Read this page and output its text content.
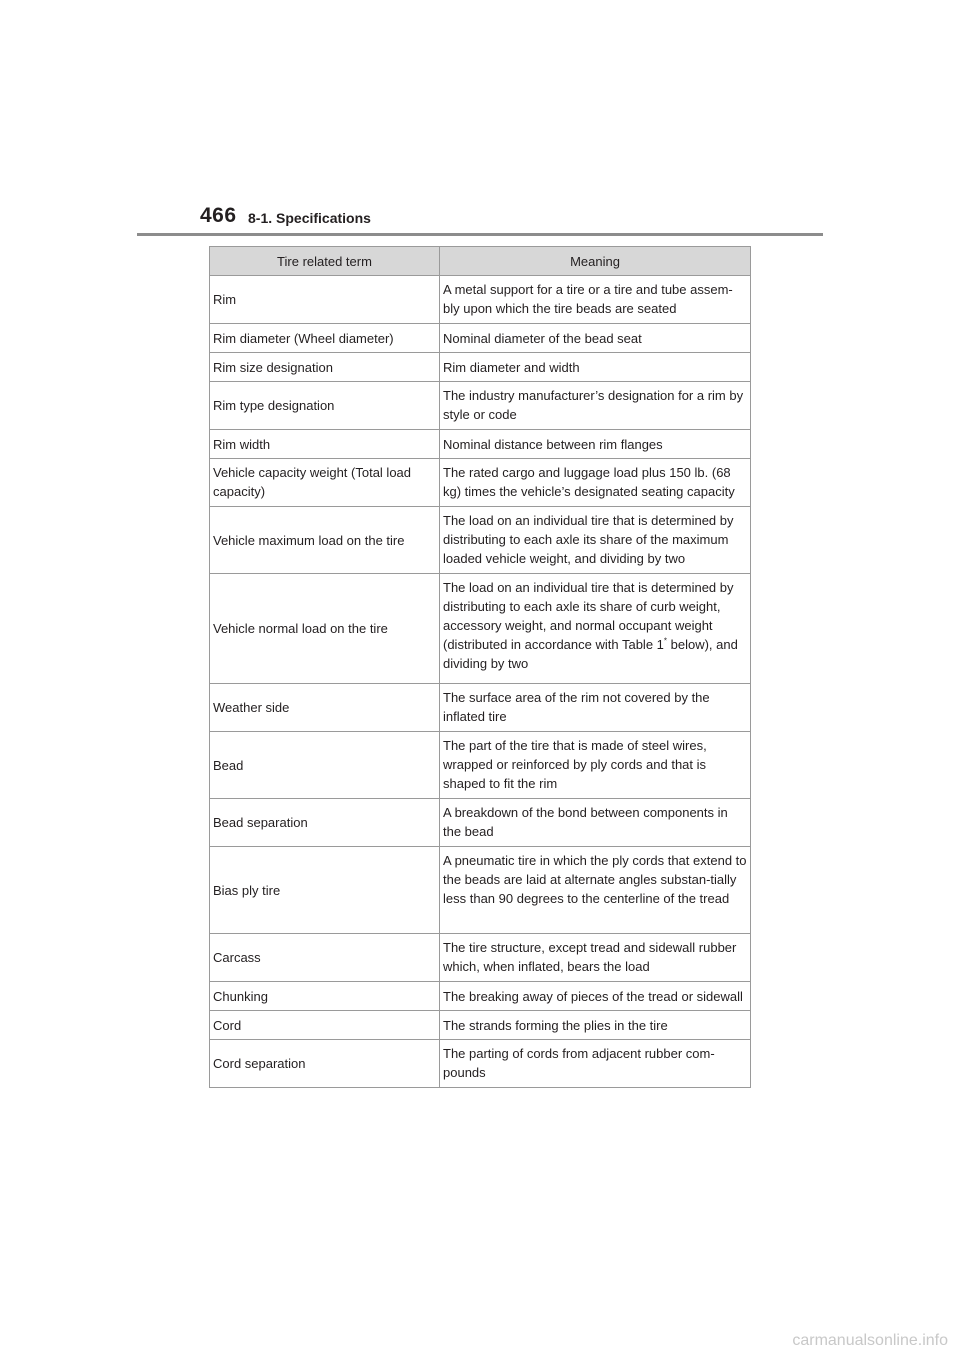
466 8-1. Specifications
Tire related term	Meaning
Rim	A metal support for a tire or a tire and tube assem-bly upon which the tire beads are seated
Rim diameter (Wheel diameter)	Nominal diameter of the bead seat
Rim size designation	Rim diameter and width
Rim type designation	The industry manufacturer’s designation for a rim by style or code
Rim width	Nominal distance between rim flanges
Vehicle capacity weight (Total load capacity)	The rated cargo and luggage load plus 150 lb. (68 kg) times the vehicle’s designated seating capacity
Vehicle maximum load on the tire	The load on an individual tire that is determined by distributing to each axle its share of the maximum loaded vehicle weight, and dividing by two
Vehicle normal load on the tire	The load on an individual tire that is determined by distributing to each axle its share of curb weight, accessory weight, and normal occupant weight (distributed in accordance with Table 1* below), and dividing by two
Weather side	The surface area of the rim not covered by the inflated tire
Bead	The part of the tire that is made of steel wires, wrapped or reinforced by ply cords and that is shaped to fit the rim
Bead separation	A breakdown of the bond between components in the bead
Bias ply tire	A pneumatic tire in which the ply cords that extend to the beads are laid at alternate angles substan-tially less than 90 degrees to the centerline of the tread
Carcass	The tire structure, except tread and sidewall rubber which, when inflated, bears the load
Chunking	The breaking away of pieces of the tread or sidewall
Cord	The strands forming the plies in the tire
Cord separation	The parting of cords from adjacent rubber com-pounds
carmanualsonline.info
